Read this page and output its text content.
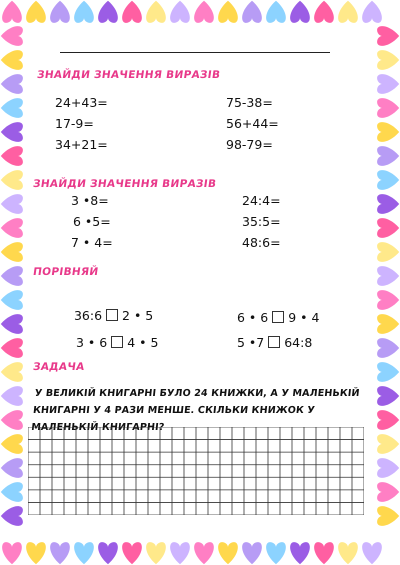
ЗНАЙДИ ЗНАЧЕННЯ ВИРАЗІВ
24+43=
17-9=
34+21=
75-38=
56+44=
98-79=
ЗНАЙДИ ЗНАЧЕННЯ ВИРАЗІВ
3 •8=
6 •5=
7 • 4=
24:4=
35:5=
48:6=
ПОРІВНЯЙ

36:6 2 • 5	6 • 6 9 • 4

3 • 6 4 • 5	5 •7 64:8

ЗАДАЧА
У ВЕЛИКІЙ КНИГАРНІ БУЛО 24 КНИЖКИ, А У МАЛЕНЬКІЙ КНИГАРНІ У 4 РАЗИ МЕНШЕ. СКІЛЬКИ КНИЖОК У МАЛЕНЬКІЙ КНИГАРНІ?
